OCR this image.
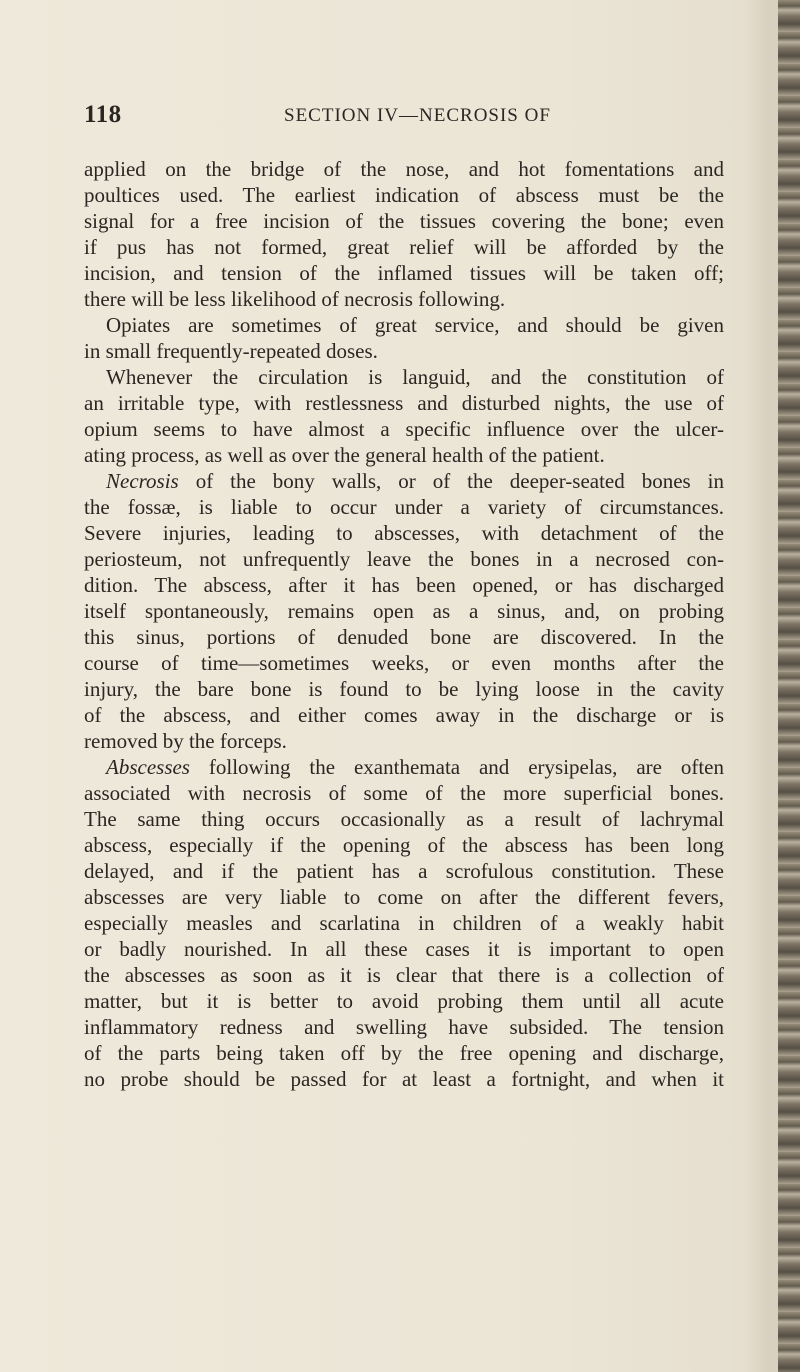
118	SECTION IV—NECROSIS OF
applied on the bridge of the nose, and hot fomentations and
poultices used. The earliest indication of abscess must be the
signal for a free incision of the tissues covering the bone; even
if pus has not formed, great relief will be afforded by the
incision, and tension of the inflamed tissues will be taken off;
there will be less likelihood of necrosis following.
Opiates are sometimes of great service, and should be given
in small frequently-repeated doses.
Whenever the circulation is languid, and the constitution of
an irritable type, with restlessness and disturbed nights, the use of
opium seems to have almost a specific influence over the ulcer-
ating process, as well as over the general health of the patient.
Necrosis of the bony walls, or of the deeper-seated bones in
the fossæ, is liable to occur under a variety of circumstances.
Severe injuries, leading to abscesses, with detachment of the
periosteum, not unfrequently leave the bones in a necrosed con-
dition. The abscess, after it has been opened, or has discharged
itself spontaneously, remains open as a sinus, and, on probing
this sinus, portions of denuded bone are discovered. In the
course of time—sometimes weeks, or even months after the
injury, the bare bone is found to be lying loose in the cavity
of the abscess, and either comes away in the discharge or is
removed by the forceps.
Abscesses following the exanthemata and erysipelas, are often
associated with necrosis of some of the more superficial bones.
The same thing occurs occasionally as a result of lachrymal
abscess, especially if the opening of the abscess has been long
delayed, and if the patient has a scrofulous constitution. These
abscesses are very liable to come on after the different fevers,
especially measles and scarlatina in children of a weakly habit
or badly nourished. In all these cases it is important to open
the abscesses as soon as it is clear that there is a collection of
matter, but it is better to avoid probing them until all acute
inflammatory redness and swelling have subsided. The tension
of the parts being taken off by the free opening and discharge,
no probe should be passed for at least a fortnight, and when it
